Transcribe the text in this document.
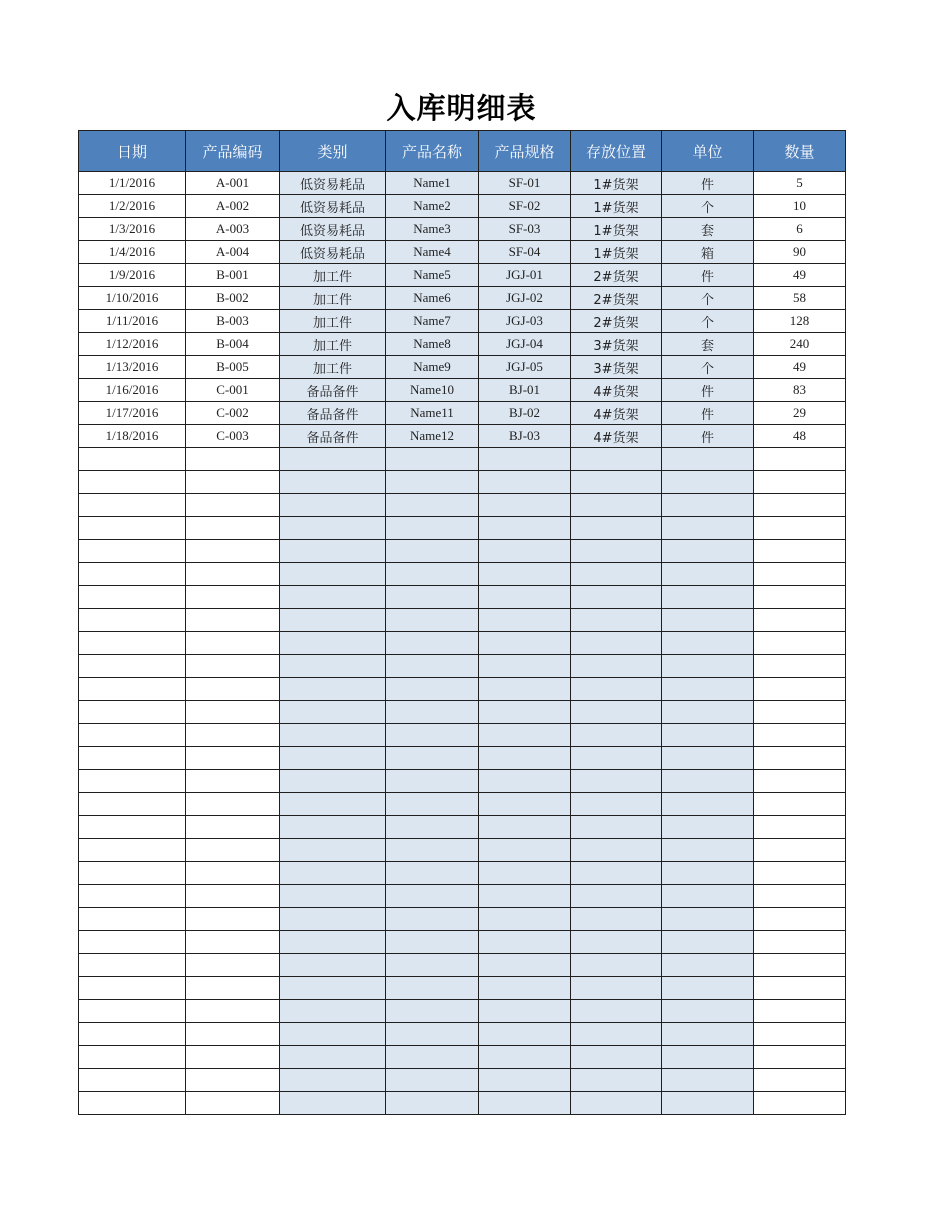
入库明细表
日期	产品编码	类别	产品名称	产品规格	存放位置	单位	数量
1/1/2016	A-001	低资易耗品	Name1	SF-01	1#货架	件	5
1/2/2016	A-002	低资易耗品	Name2	SF-02	1#货架	个	10
1/3/2016	A-003	低资易耗品	Name3	SF-03	1#货架	套	6
1/4/2016	A-004	低资易耗品	Name4	SF-04	1#货架	箱	90
1/9/2016	B-001	加工件	Name5	JGJ-01	2#货架	件	49
1/10/2016	B-002	加工件	Name6	JGJ-02	2#货架	个	58
1/11/2016	B-003	加工件	Name7	JGJ-03	2#货架	个	128
1/12/2016	B-004	加工件	Name8	JGJ-04	3#货架	套	240
1/13/2016	B-005	加工件	Name9	JGJ-05	3#货架	个	49
1/16/2016	C-001	备品备件	Name10	BJ-01	4#货架	件	83
1/17/2016	C-002	备品备件	Name11	BJ-02	4#货架	件	29
1/18/2016	C-003	备品备件	Name12	BJ-03	4#货架	件	48
